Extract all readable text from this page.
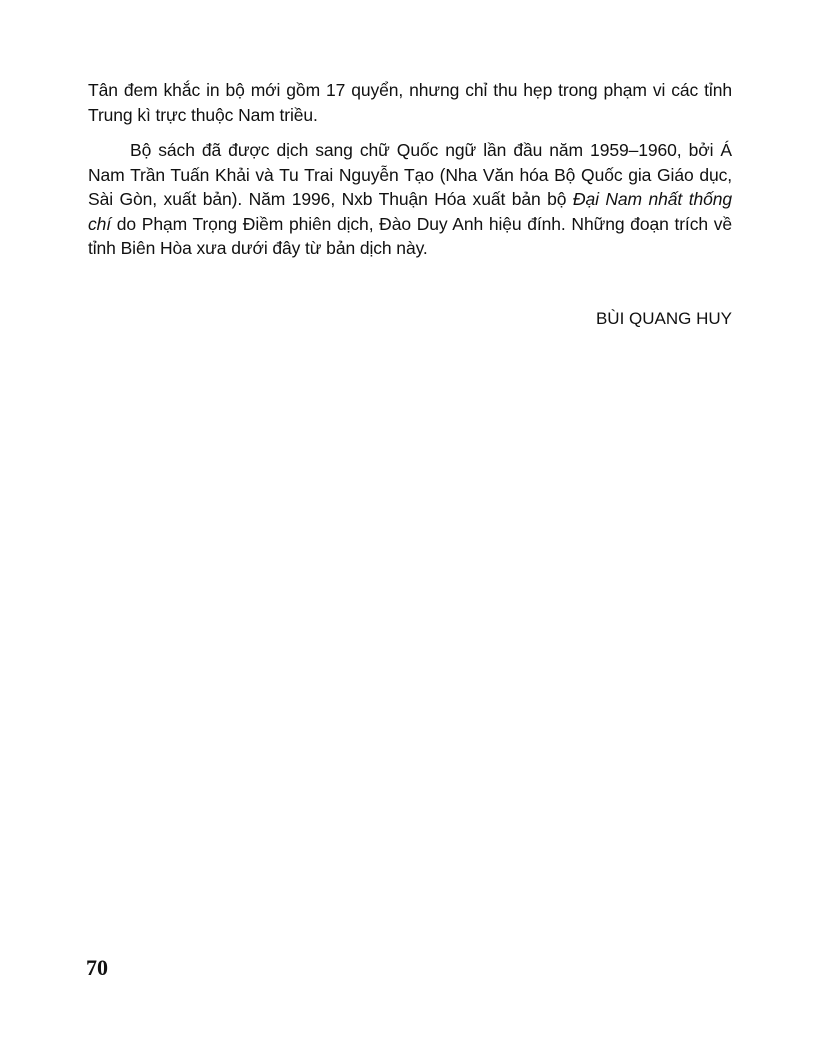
Tân đem khắc in bộ mới gồm 17 quyển, nhưng chỉ thu hẹp trong phạm vi các tỉnh Trung kì trực thuộc Nam triều.

Bộ sách đã được dịch sang chữ Quốc ngữ lần đầu năm 1959–1960, bởi Á Nam Trần Tuấn Khải và Tu Trai Nguyễn Tạo (Nha Văn hóa Bộ Quốc gia Giáo dục, Sài Gòn, xuất bản). Năm 1996, Nxb Thuận Hóa xuất bản bộ Đại Nam nhất thống chí do Phạm Trọng Điềm phiên dịch, Đào Duy Anh hiệu đính. Những đoạn trích về tỉnh Biên Hòa xưa dưới đây từ bản dịch này.

BÙI QUANG HUY
70
